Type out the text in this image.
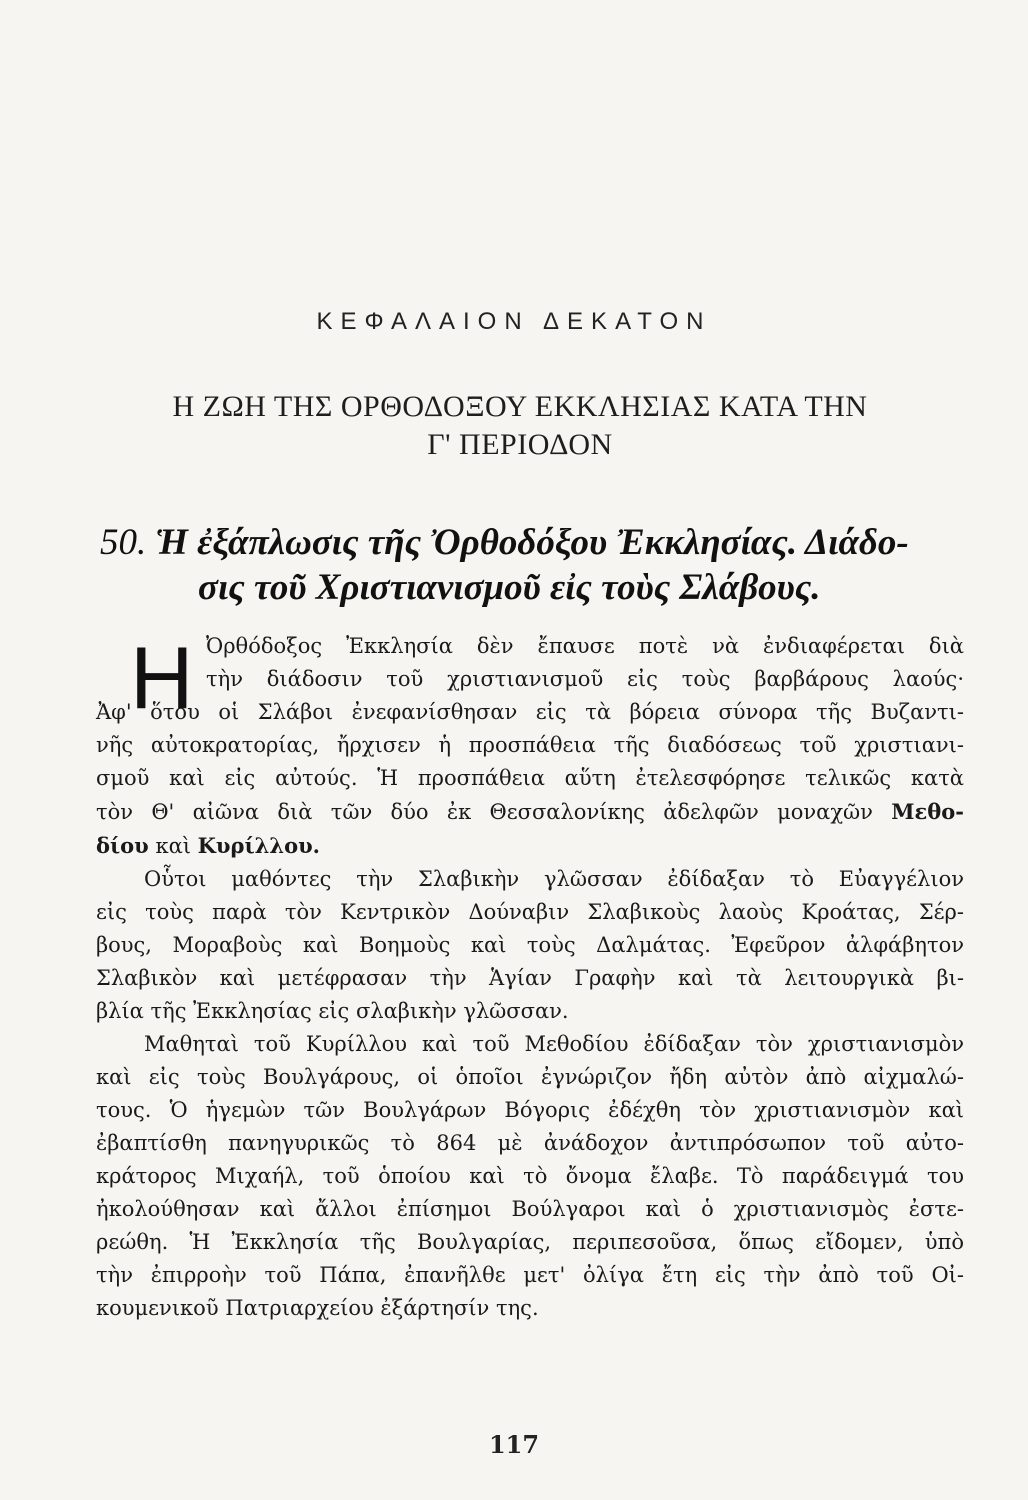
ΚΕΦΑΛΑΙΟΝ ΔΕΚΑΤΟΝ
Η ΖΩΗ ΤΗΣ ΟΡΘΟΔΟΞΟΥ ΕΚΚΛΗΣΙΑΣ ΚΑΤΑ ΤΗΝ
Γ' ΠΕΡΙΟΔΟΝ
50. Ἡ ἐξάπλωσις τῆς Ὀρθοδόξου Ἐκκλησίας. Διάδο-
σις τοῦ Χριστιανισμοῦ εἰς τοὺς Σλάβους.

Η Ὀρθόδοξος Ἐκκλησία δὲν ἔπαυσε ποτὲ νὰ ἐνδιαφέρεται διὰ
τὴν διάδοσιν τοῦ χριστιανισμοῦ εἰς τοὺς βαρβάρους λαούς·
Ἀφ' ὅτου οἱ Σλάβοι ἐνεφανίσθησαν εἰς τὰ βόρεια σύνορα τῆς Βυζαντι-
νῆς αὐτοκρατορίας, ἤρχισεν ἡ προσπάθεια τῆς διαδόσεως τοῦ χριστιανι-
σμοῦ καὶ εἰς αὐτούς. Ἡ προσπάθεια αὕτη ἐτελεσφόρησε τελικῶς κατὰ
τὸν Θ' αἰῶνα διὰ τῶν δύο ἐκ Θεσσαλονίκης ἀδελφῶν μοναχῶν Μεθο-
δίου καὶ Κυρίλλου.

Οὗτοι μαθόντες τὴν Σλαβικὴν γλῶσσαν ἐδίδαξαν τὸ Εὐαγγέλιον
εἰς τοὺς παρὰ τὸν Κεντρικὸν Δούναβιν Σλαβικοὺς λαοὺς Κροάτας, Σέρ-
βους, Μοραβοὺς καὶ Βοημοὺς καὶ τοὺς Δαλμάτας. Ἐφεῦρον ἀλφάβητον
Σλαβικὸν καὶ μετέφρασαν τὴν Ἁγίαν Γραφὴν καὶ τὰ λειτουργικὰ βι-
βλία τῆς Ἐκκλησίας εἰς σλαβικὴν γλῶσσαν.

Μαθηταὶ τοῦ Κυρίλλου καὶ τοῦ Μεθοδίου ἐδίδαξαν τὸν χριστιανισμὸν
καὶ εἰς τοὺς Βουλγάρους, οἱ ὁποῖοι ἐγνώριζον ἤδη αὐτὸν ἀπὸ αἰχμαλώ-
τους. Ὁ ἡγεμὼν τῶν Βουλγάρων Βόγορις ἐδέχθη τὸν χριστιανισμὸν καὶ
ἐβαπτίσθη πανηγυρικῶς τὸ 864 μὲ ἀνάδοχον ἀντιπρόσωπον τοῦ αὐτο-
κράτορος Μιχαήλ, τοῦ ὁποίου καὶ τὸ ὄνομα ἔλαβε. Τὸ παράδειγμά του
ἠκολούθησαν καὶ ἄλλοι ἐπίσημοι Βούλγαροι καὶ ὁ χριστιανισμὸς ἐστε-
ρεώθη. Ἡ Ἐκκλησία τῆς Βουλγαρίας, περιπεσοῦσα, ὅπως εἴδομεν, ὑπὸ
τὴν ἐπιρροὴν τοῦ Πάπα, ἐπανῆλθε μετ' ὀλίγα ἔτη εἰς τὴν ἀπὸ τοῦ Οἰ-
κουμενικοῦ Πατριαρχείου ἐξάρτησίν της.

117
